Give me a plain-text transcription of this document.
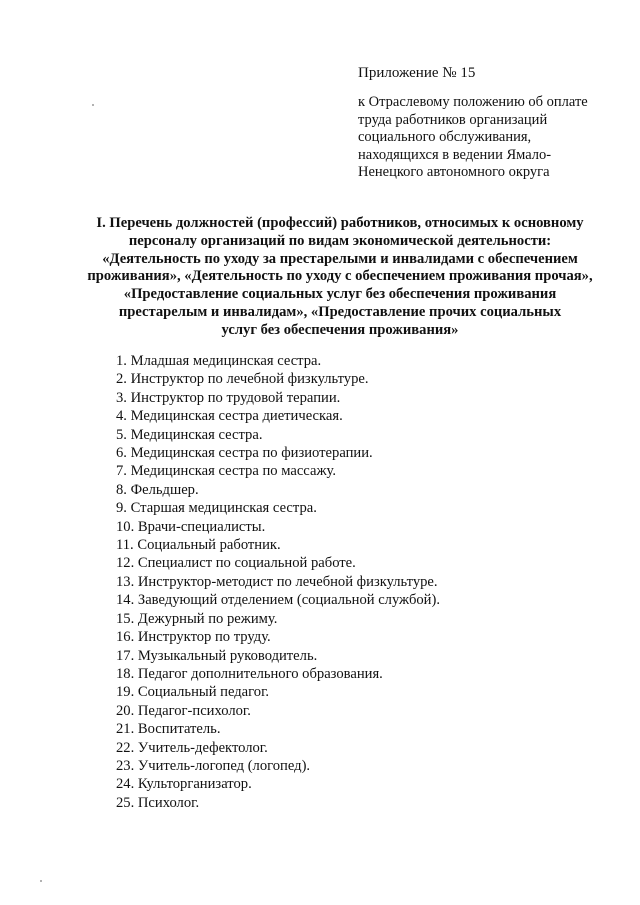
Приложение № 15

к Отраслевому положению об оплате
труда работников организаций
социального обслуживания,
находящихся в ведении Ямало-
Ненецкого автономного округа

I. Перечень должностей (профессий) работников, относимых к основному
персоналу организаций по видам экономической деятельности:
«Деятельность по уходу за престарелыми и инвалидами с обеспечением
проживания», «Деятельность по уходу с обеспечением проживания прочая»,
«Предоставление социальных услуг без обеспечения проживания
престарелым и инвалидам», «Предоставление прочих социальных
услуг без обеспечения проживания»
1. Младшая медицинская сестра.
2. Инструктор по лечебной физкультуре.
3. Инструктор по трудовой терапии.
4. Медицинская сестра диетическая.
5. Медицинская сестра.
6. Медицинская сестра по физиотерапии.
7. Медицинская сестра по массажу.
8. Фельдшер.
9. Старшая медицинская сестра.
10. Врачи-специалисты.
11. Социальный работник.
12. Специалист по социальной работе.
13. Инструктор-методист по лечебной физкультуре.
14. Заведующий отделением (социальной службой).
15. Дежурный по режиму.
16. Инструктор по труду.
17. Музыкальный руководитель.
18. Педагог дополнительного образования.
19. Социальный педагог.
20. Педагог-психолог.
21. Воспитатель.
22. Учитель-дефектолог.
23. Учитель-логопед (логопед).
24. Культорганизатор.
25. Психолог.
